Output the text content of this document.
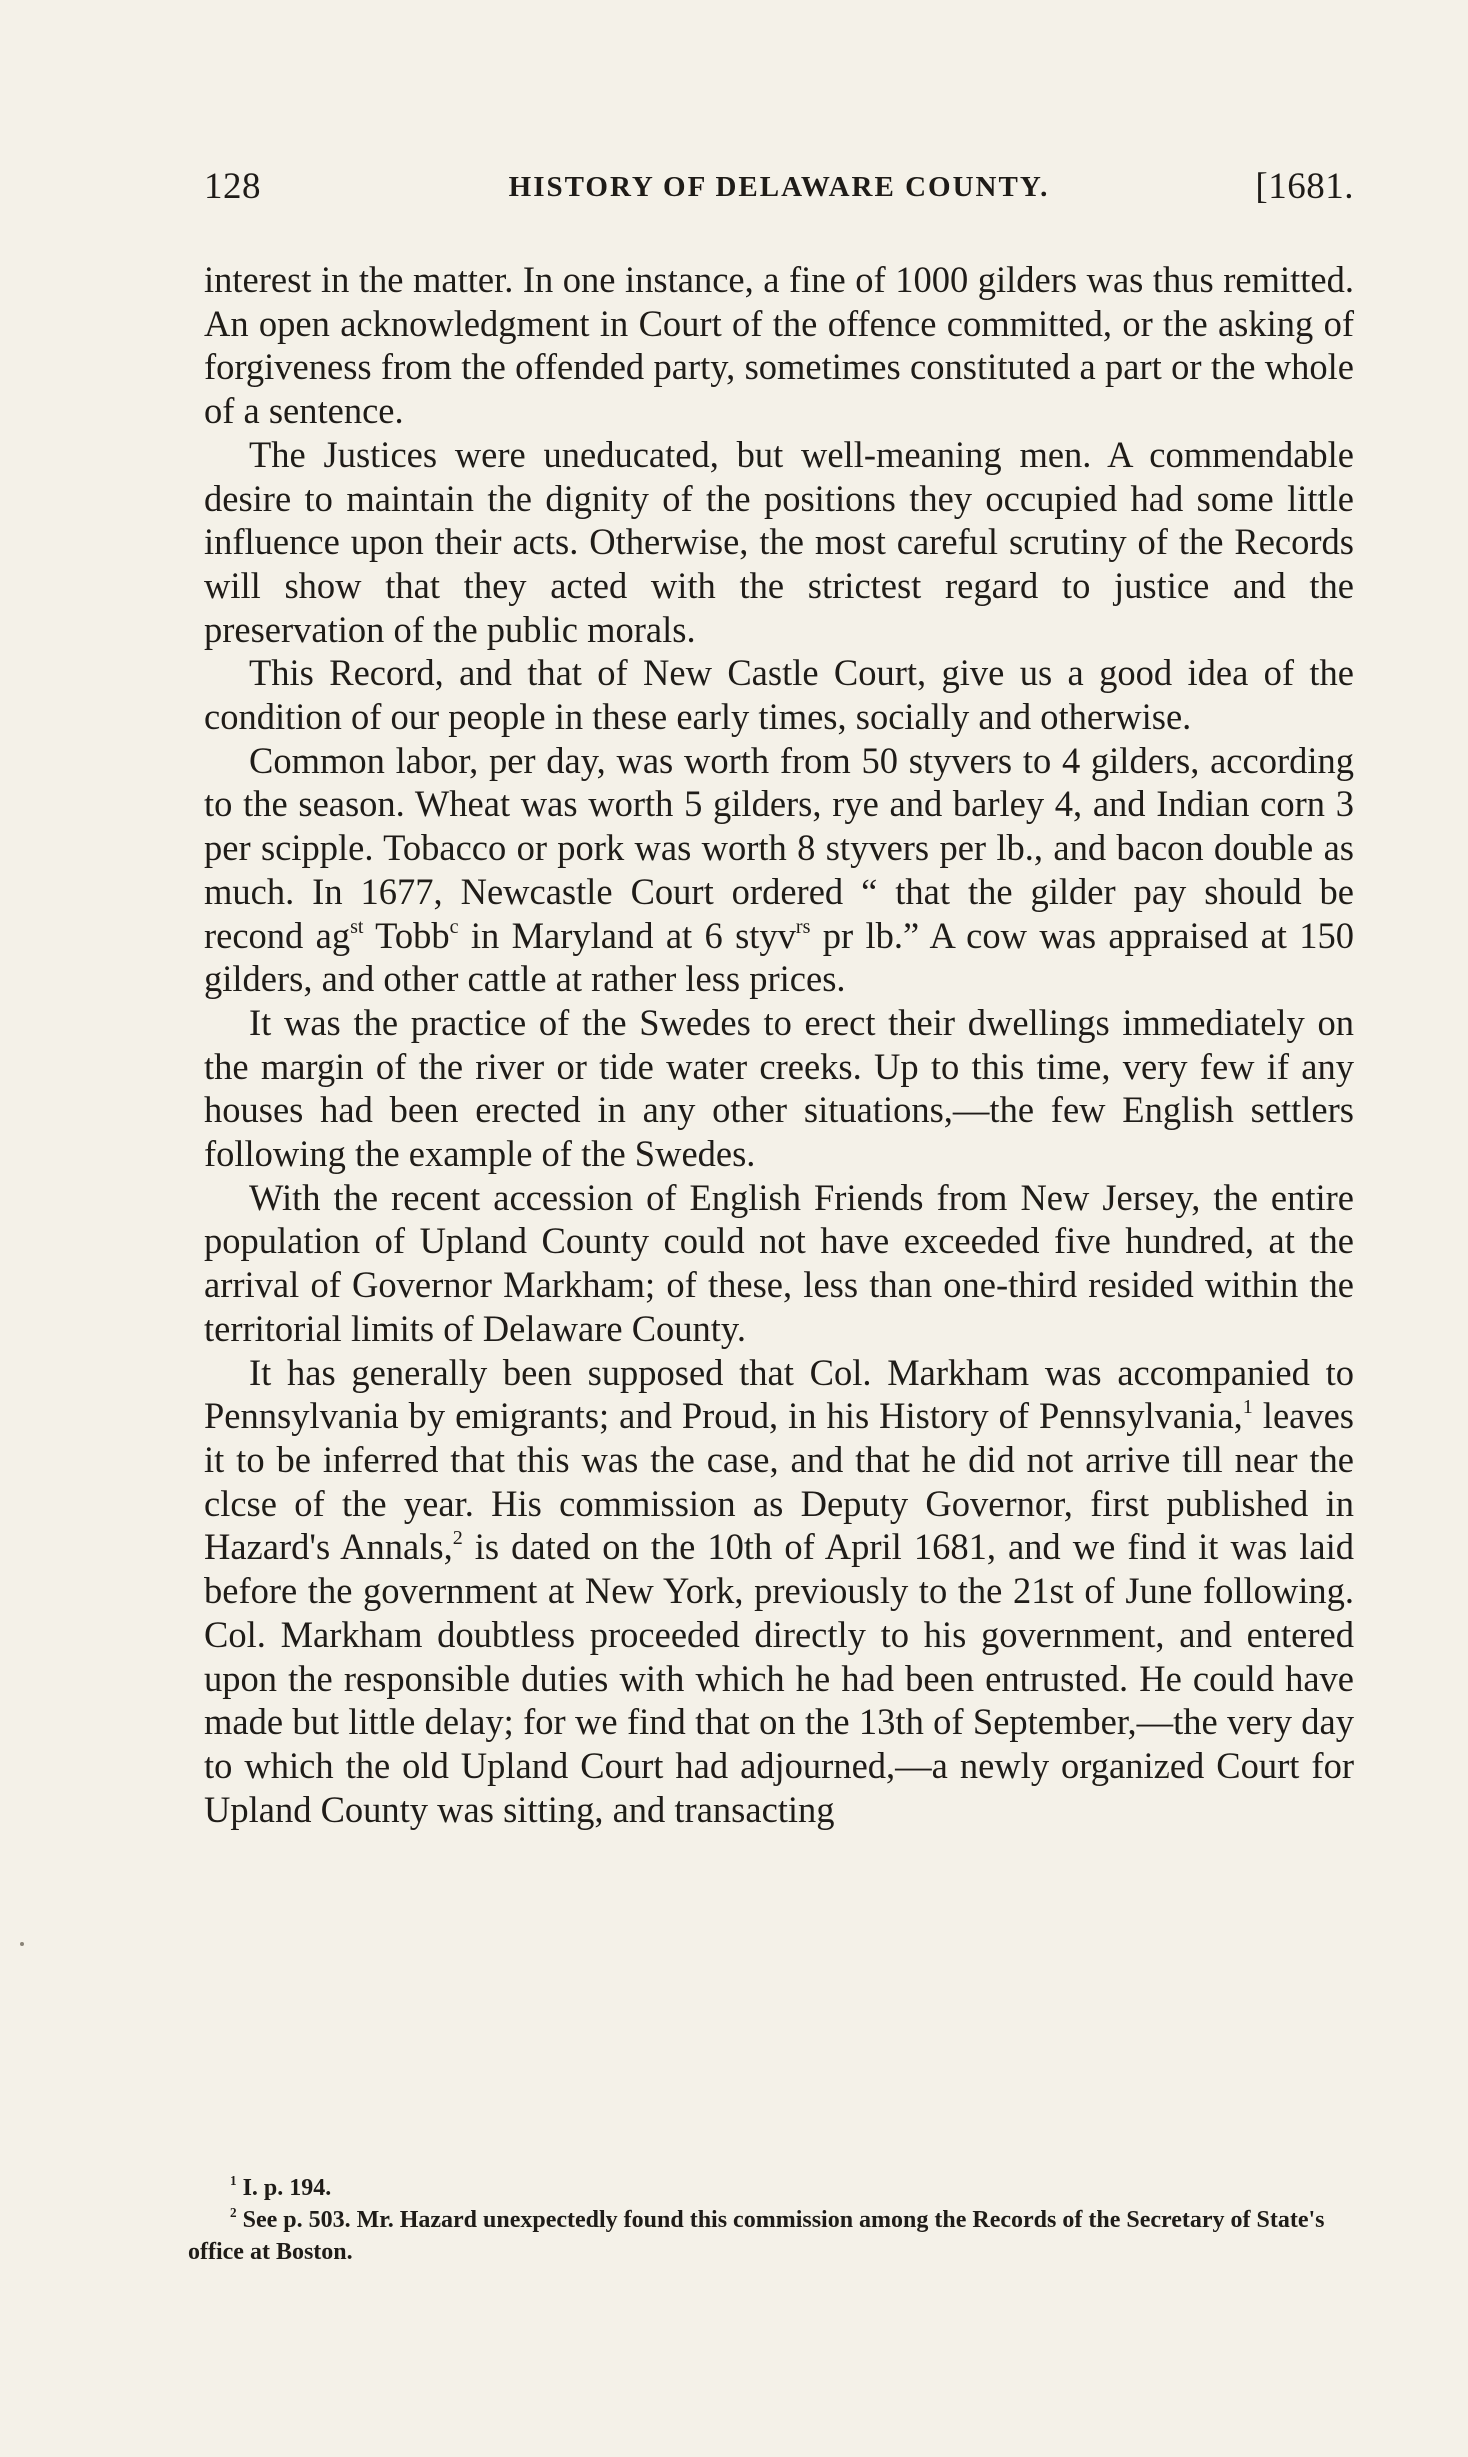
128	HISTORY OF DELAWARE COUNTY.	[1681.

interest in the matter. In one instance, a fine of 1000 gilders was thus remitted. An open acknowledgment in Court of the offence committed, or the asking of forgiveness from the offended party, sometimes constituted a part or the whole of a sentence.

The Justices were uneducated, but well-meaning men. A commendable desire to maintain the dignity of the positions they occupied had some little influence upon their acts. Otherwise, the most careful scrutiny of the Records will show that they acted with the strictest regard to justice and the preservation of the public morals.

This Record, and that of New Castle Court, give us a good idea of the condition of our people in these early times, socially and otherwise.

Common labor, per day, was worth from 50 styvers to 4 gilders, according to the season. Wheat was worth 5 gilders, rye and barley 4, and Indian corn 3 per scipple. Tobacco or pork was worth 8 styvers per lb., and bacon double as much. In 1677, Newcastle Court ordered “ that the gilder pay should be recond $ag^{st}$ Tobb$^c$ in Maryland at 6 styv$^{rs}$ pr lb.” A cow was appraised at 150 gilders, and other cattle at rather less prices.

It was the practice of the Swedes to erect their dwellings immediately on the margin of the river or tide water creeks. Up to this time, very few if any houses had been erected in any other situations,—the few English settlers following the example of the Swedes.

With the recent accession of English Friends from New Jersey, the entire population of Upland County could not have exceeded five hundred, at the arrival of Governor Markham; of these, less than one-third resided within the territorial limits of Delaware County.

It has generally been supposed that Col. Markham was accompanied to Pennsylvania by emigrants; and Proud, in his History of Pennsylvania,$^1$ leaves it to be inferred that this was the case, and that he did not arrive till near the clcse of the year. His commission as Deputy Governor, first published in Hazard's Annals,$^2$ is dated on the 10th of April 1681, and we find it was laid before the government at New York, previously to the 21st of June following. Col. Markham doubtless proceeded directly to his government, and entered upon the responsible duties with which he had been entrusted. He could have made but little delay; for we find that on the 13th of September,—the very day to which the old Upland Court had adjourned,—a newly organized Court for Upland County was sitting, and transacting

$^1$ I. p. 194.

$^2$ See p. 503. Mr. Hazard unexpectedly found this commission among the Records of the Secretary of State's office at Boston.
